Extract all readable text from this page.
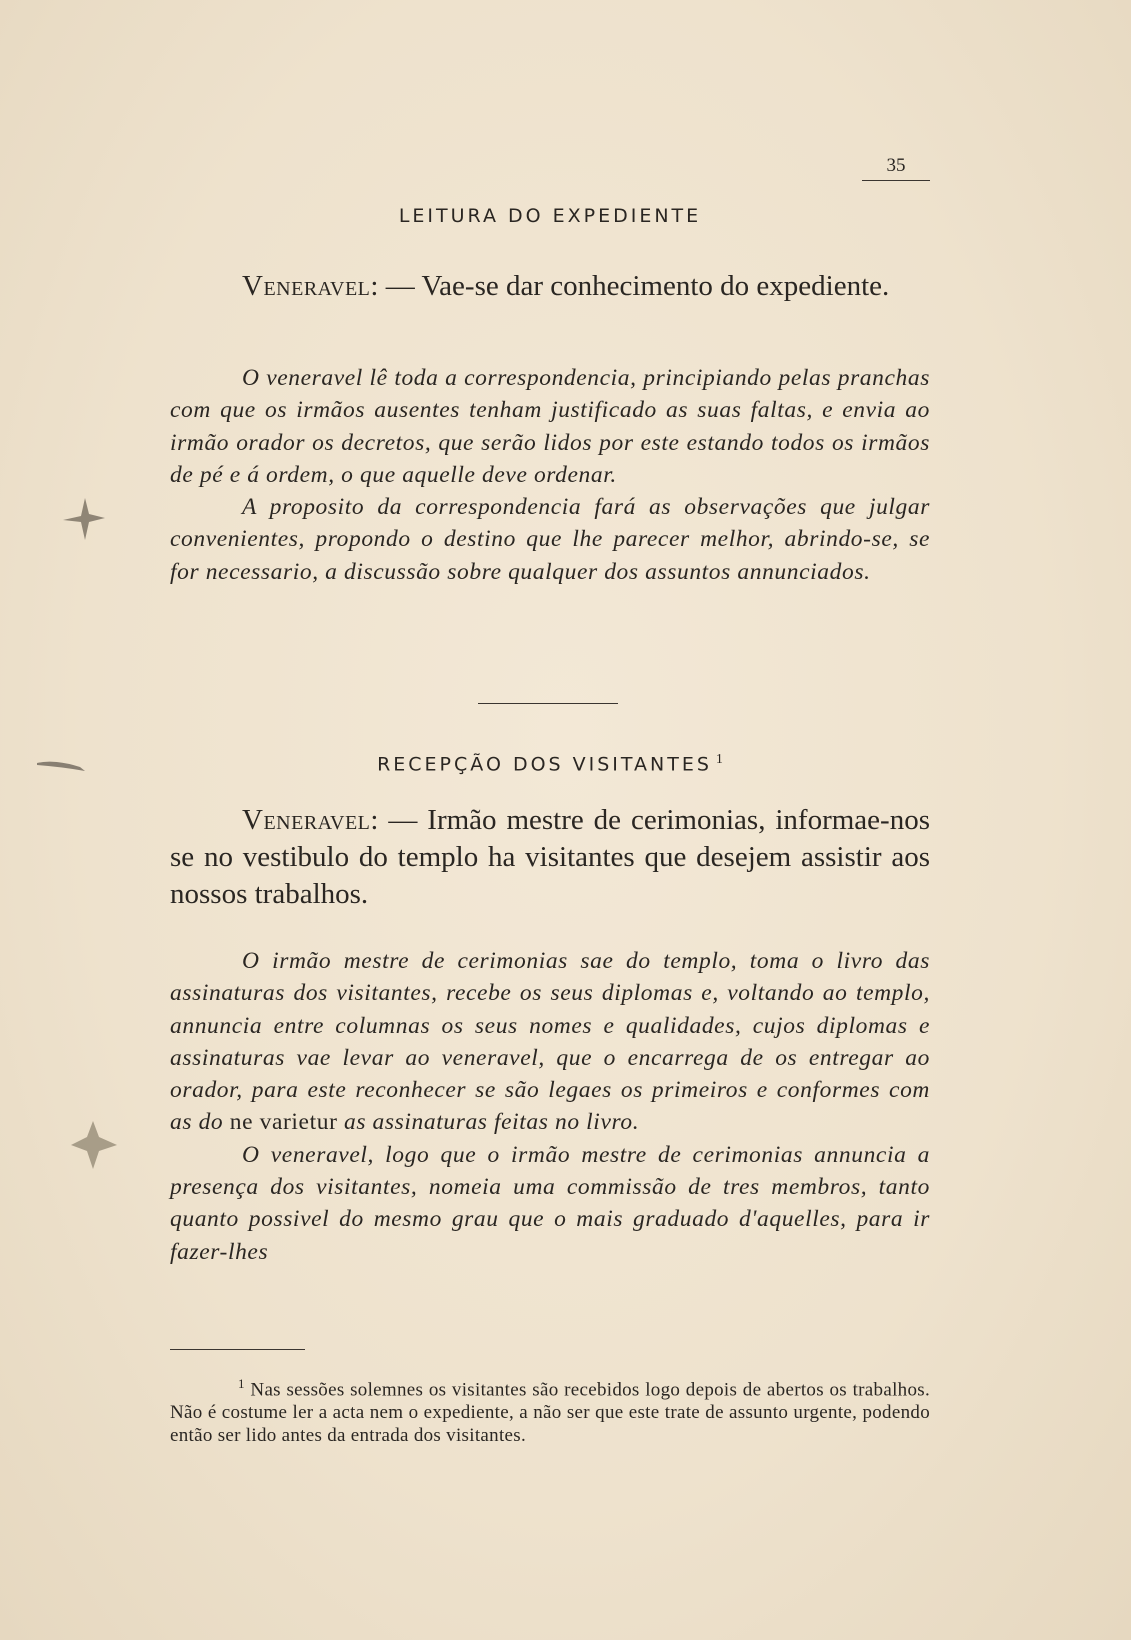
35
LEITURA DO EXPEDIENTE
Veneravel: — Vae-se dar conhecimento do expediente.

O veneravel lê toda a correspondencia, principiando pelas pranchas com que os irmãos ausentes tenham justificado as suas faltas, e envia ao irmão orador os decretos, que serão lidos por este estando todos os irmãos de pé e á ordem, o que aquelle deve ordenar.

A proposito da correspondencia fará as observações que julgar convenientes, propondo o destino que lhe parecer melhor, abrindo-se, se for necessario, a discussão sobre qualquer dos assuntos annunciados.

RECEPÇÃO DOS VISITANTES $^1$
Veneravel: — Irmão mestre de cerimonias, informae-nos se no vestibulo do templo ha visitantes que desejem assistir aos nossos trabalhos.

O irmão mestre de cerimonias sae do templo, toma o livro das assinaturas dos visitantes, recebe os seus diplomas e, voltando ao templo, annuncia entre columnas os seus nomes e qualidades, cujos diplomas e assinaturas vae levar ao veneravel, que o encarrega de os entregar ao orador, para este reconhecer se são legaes os primeiros e conformes com as do ne varietur as assinaturas feitas no livro.

O veneravel, logo que o irmão mestre de cerimonias annuncia a presença dos visitantes, nomeia uma commissão de tres membros, tanto quanto possivel do mesmo grau que o mais graduado d'aquelles, para ir fazer-lhes

$^1$ Nas sessões solemnes os visitantes são recebidos logo depois de abertos os trabalhos. Não é costume ler a acta nem o expediente, a não ser que este trate de assunto urgente, podendo então ser lido antes da entrada dos visitantes.
